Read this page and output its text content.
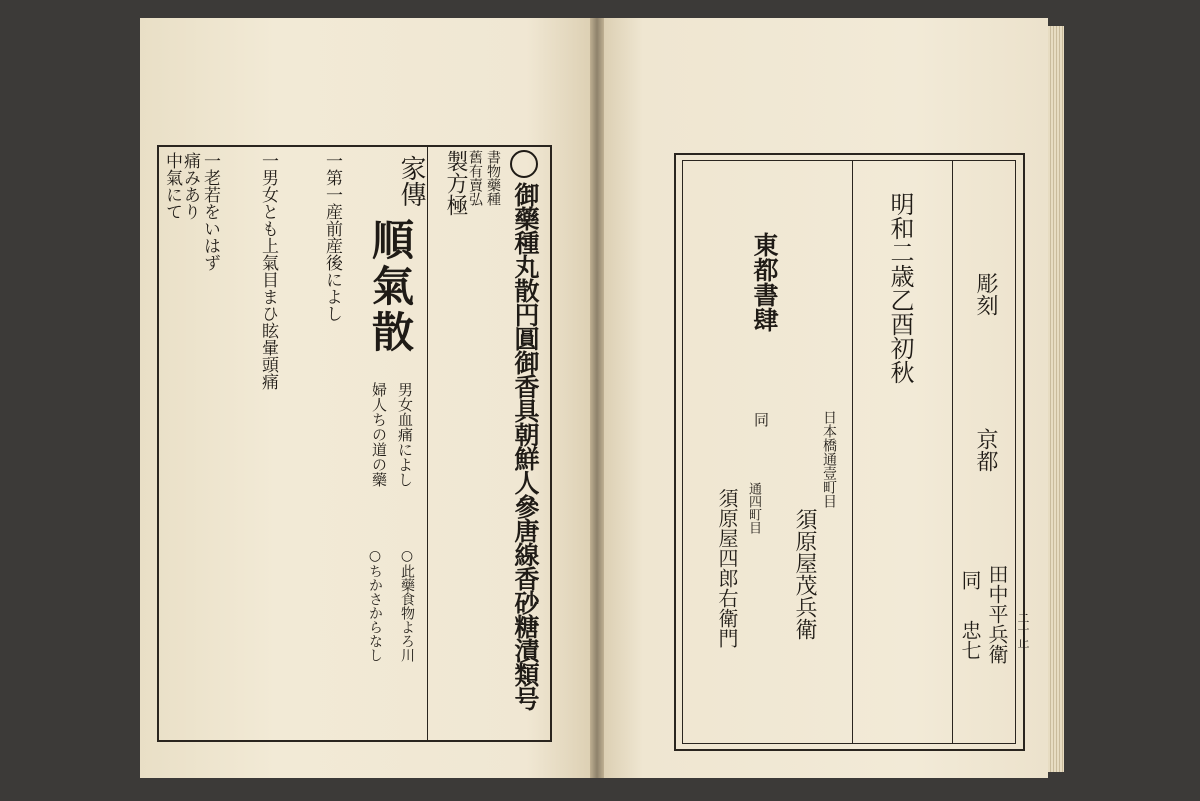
御藥種丸散円圓御香具朝鮮人參唐線香砂糖漬類号
書物藥種
舊有賣弘
製方極
家傳
順氣散
男女血痛によし
婦人ちの道の藥
○此藥食物よろ川
○ちかさからなし
一第一産前産後によし
一男女とも上氣目まひ眩暈頭痛
一老若をいはず
中氣にて
痛みあり
二十止
彫刻
京都
田中平兵衛
同
忠七
明和二歳乙酉初秋
東都書肆
日本橋通壹町目
須原屋茂兵衛
同
通四町目
須原屋四郎右衛門
